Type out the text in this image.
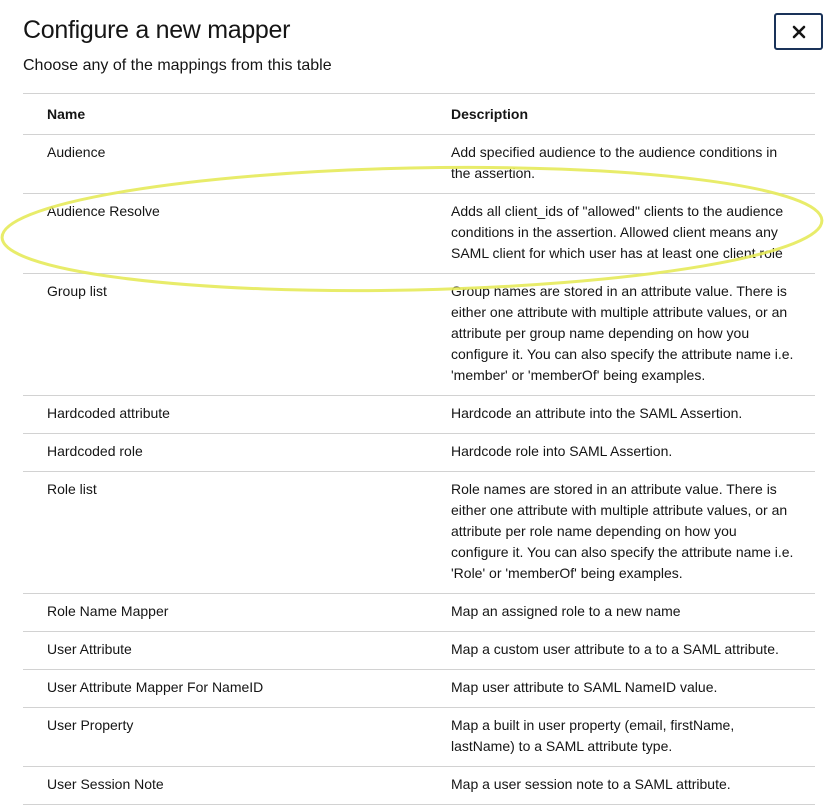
Configure a new mapper

Choose any of the mappings from this table

Name	Description
Audience	Add specified audience to the audience conditions in the assertion.
Audience Resolve	Adds all client_ids of "allowed" clients to the audience conditions in the assertion. Allowed client means any SAML client for which user has at least one client role
Group list	Group names are stored in an attribute value. There is either one attribute with multiple attribute values, or an attribute per group name depending on how you configure it. You can also specify the attribute name i.e. 'member' or 'memberOf' being examples.
Hardcoded attribute	Hardcode an attribute into the SAML Assertion.
Hardcoded role	Hardcode role into SAML Assertion.
Role list	Role names are stored in an attribute value. There is either one attribute with multiple attribute values, or an attribute per role name depending on how you configure it. You can also specify the attribute name i.e. 'Role' or 'memberOf' being examples.
Role Name Mapper	Map an assigned role to a new name
User Attribute	Map a custom user attribute to a to a SAML attribute.
User Attribute Mapper For NameID	Map user attribute to SAML NameID value.
User Property	Map a built in user property (email, firstName, lastName) to a SAML attribute type.
User Session Note	Map a user session note to a SAML attribute.
